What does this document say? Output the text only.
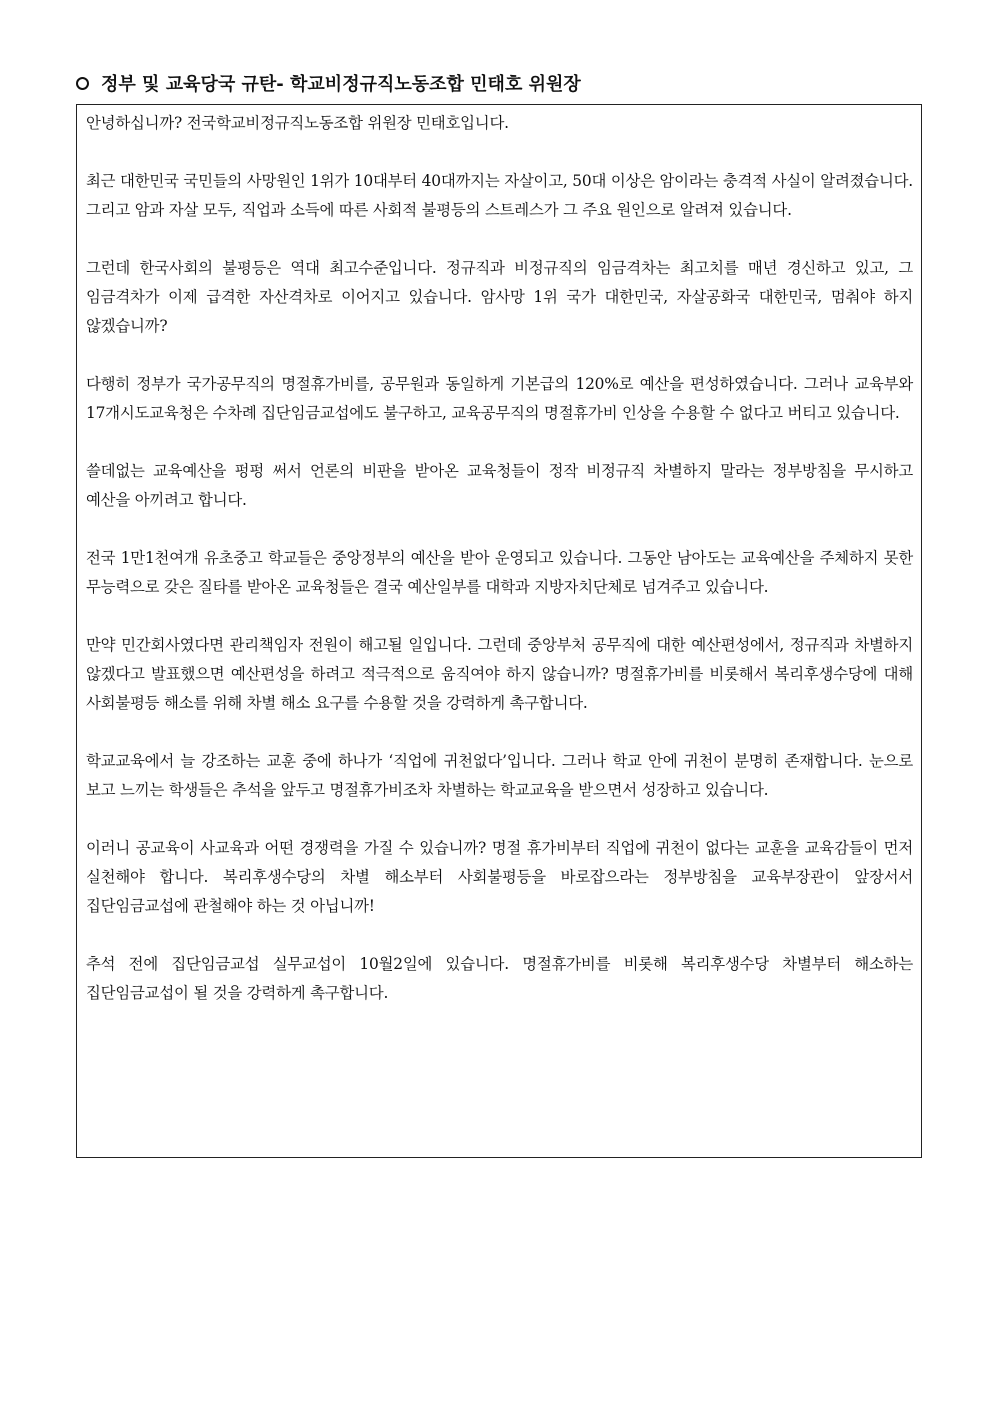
정부 및 교육당국 규탄- 학교비정규직노동조합 민태호 위원장

안녕하십니까? 전국학교비정규직노동조합 위원장 민태호입니다.

최근 대한민국 국민들의 사망원인 1위가 10대부터 40대까지는 자살이고, 50대 이상은 암이라는 충격적 사실이 알려졌습니다. 그리고 암과 자살 모두, 직업과 소득에 따른 사회적 불평등의 스트레스가 그 주요 원인으로 알려져 있습니다.

그런데 한국사회의 불평등은 역대 최고수준입니다. 정규직과 비정규직의 임금격차는 최고치를 매년 경신하고 있고, 그 임금격차가 이제 급격한 자산격차로 이어지고 있습니다. 암사망 1위 국가 대한민국, 자살공화국 대한민국, 멈춰야 하지 않겠습니까?

다행히 정부가 국가공무직의 명절휴가비를, 공무원과 동일하게 기본급의 120%로 예산을 편성하였습니다. 그러나 교육부와 17개시도교육청은 수차례 집단임금교섭에도 불구하고, 교육공무직의 명절휴가비 인상을 수용할 수 없다고 버티고 있습니다.

쓸데없는 교육예산을 펑펑 써서 언론의 비판을 받아온 교육청들이 정작 비정규직 차별하지 말라는 정부방침을 무시하고 예산을 아끼려고 합니다.

전국 1만1천여개 유초중고 학교들은 중앙정부의 예산을 받아 운영되고 있습니다. 그동안 남아도는 교육예산을 주체하지 못한 무능력으로 갖은 질타를 받아온 교육청들은 결국 예산일부를 대학과 지방자치단체로 넘겨주고 있습니다.

만약 민간회사였다면 관리책임자 전원이 해고될 일입니다. 그런데 중앙부처 공무직에 대한 예산편성에서, 정규직과 차별하지 않겠다고 발표했으면 예산편성을 하려고 적극적으로 움직여야 하지 않습니까? 명절휴가비를 비롯해서 복리후생수당에 대해 사회불평등 해소를 위해 차별 해소 요구를 수용할 것을 강력하게 촉구합니다.

학교교육에서 늘 강조하는 교훈 중에 하나가 ‘직업에 귀천없다’입니다. 그러나 학교 안에 귀천이 분명히 존재합니다. 눈으로 보고 느끼는 학생들은 추석을 앞두고 명절휴가비조차 차별하는 학교교육을 받으면서 성장하고 있습니다.

이러니 공교육이 사교육과 어떤 경쟁력을 가질 수 있습니까? 명절 휴가비부터 직업에 귀천이 없다는 교훈을 교육감들이 먼저 실천해야 합니다. 복리후생수당의 차별 해소부터 사회불평등을 바로잡으라는 정부방침을 교육부장관이 앞장서서 집단임금교섭에 관철해야 하는 것 아닙니까!

추석 전에 집단임금교섭 실무교섭이 10월2일에 있습니다. 명절휴가비를 비롯해 복리후생수당 차별부터 해소하는 집단임금교섭이 될 것을 강력하게 촉구합니다.
